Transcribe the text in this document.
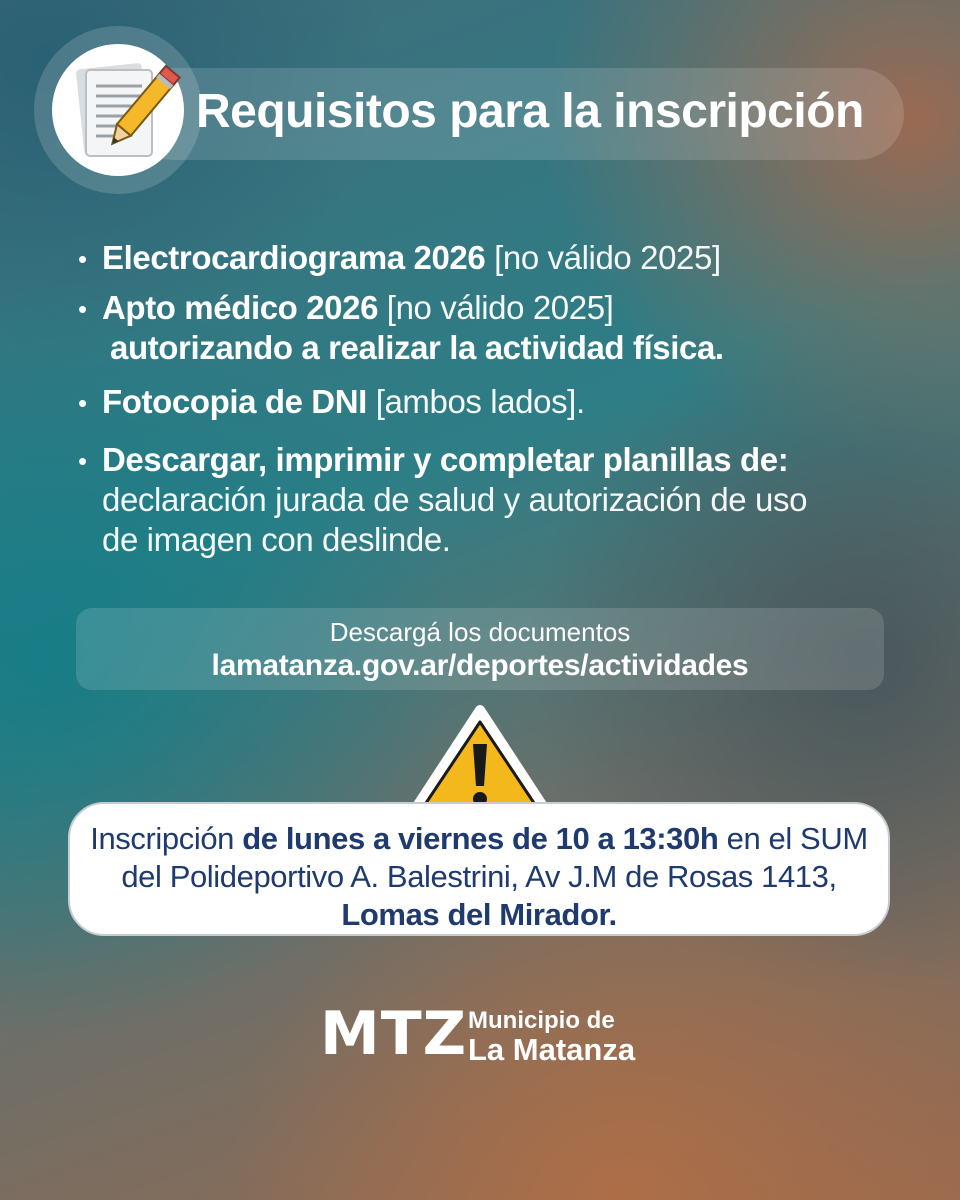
Requisitos para la inscripción
• Electrocardiograma 2026 [no válido 2025]
• Apto médico 2026 [no válido 2025]
autorizando a realizar la actividad física.
• Fotocopia de DNI [ambos lados].
• Descargar, imprimir y completar planillas de:
declaración jurada de salud y autorización de uso
de imagen con deslinde.
Descargá los documentos
lamatanza.gov.ar/deportes/actividades
Inscripción de lunes a viernes de 10 a 13:30h en el SUM
del Polideportivo A. Balestrini, Av J.M de Rosas 1413,
Lomas del Mirador.
MTZ Municipio de
La Matanza
